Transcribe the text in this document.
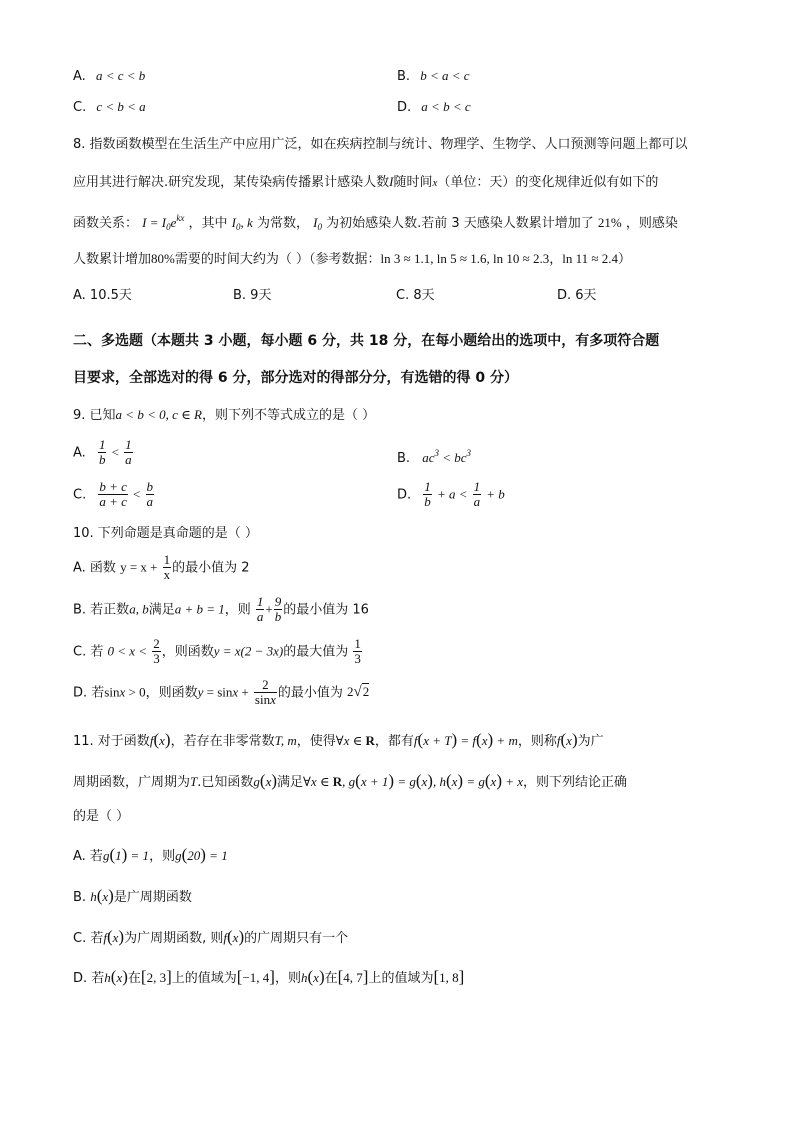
A. a < c < b	B. b < a < c
C. c < b < a	D. a < b < c
8. 指数函数模型在生活生产中应用广泛，如在疾病控制与统计、物理学、生物学、人口预测等问题上都可以
应用其进行解决.研究发现，某传染病传播累计感染人数I随时间x（单位：天）的变化规律近似有如下的
函数关系： $I = I_0e^{kx}$ ，其中 $I_0$, k 为常数， $I_0$ 为初始感染人数.若前 3 天感染人数累计增加了 21% ，则感染
人数累计增加80%需要的时间大约为（ ）（参考数据：ln 3 ≈ 1.1, ln 5 ≈ 1.6, ln 10 ≈ 2.3，ln 11 ≈ 2.4）
A. 10.5天	B. 9天	C. 8天	D. 6天
二、多选题（本题共 3 小题，每小题 6 分，共 18 分，在每小题给出的选项中，有多项符合题
目要求，全部选对的得 6 分，部分选对的得部分分，有选错的得 0 分）
9. 已知a < b < 0, c ∈ R，则下列不等式成立的是（ ）
A. $\frac{1}{b} < \frac{1}{a}$	B. $ac^3 < bc^3$
C. $\frac{b + c}{a + c} < \frac{b}{a}$	D. $\frac{1}{b} + a < \frac{1}{a} + b$
10. 下列命题是真命题的是（ ）
A. 函数 $y = x + \frac{1}{x}$ 的最小值为 2
B. 若正数a, b满足a + b = 1，则 $\frac{1}{a} + \frac{9}{b}$ 的最小值为 16
C. 若 $0 < x < \frac{2}{3}$ ，则函数y = x(2 − 3x)的最大值为 $\frac{1}{3}$
D. 若sinx > 0，则函数$y = \sin x + \frac{2}{\sin x}$ 的最小值为 2√2
11. 对于函数f(x)，若存在非零常数T, m，使得∀x ∈ R，都有f(x + T) = f(x) + m，则称f(x)为广
周期函数，广周期为T.已知函数g(x)满足∀x ∈ R, g(x + 1) = g(x), h(x) = g(x) + x，则下列结论正确
的是（ ）
A. 若g(1) = 1，则g(20) = 1
B. h(x)是广周期函数
C. 若f(x)为广周期函数, 则f(x)的广周期只有一个
D. 若h(x)在[2, 3]上的值域为[−1, 4]，则h(x)在[4, 7]上的值域为[1, 8]
